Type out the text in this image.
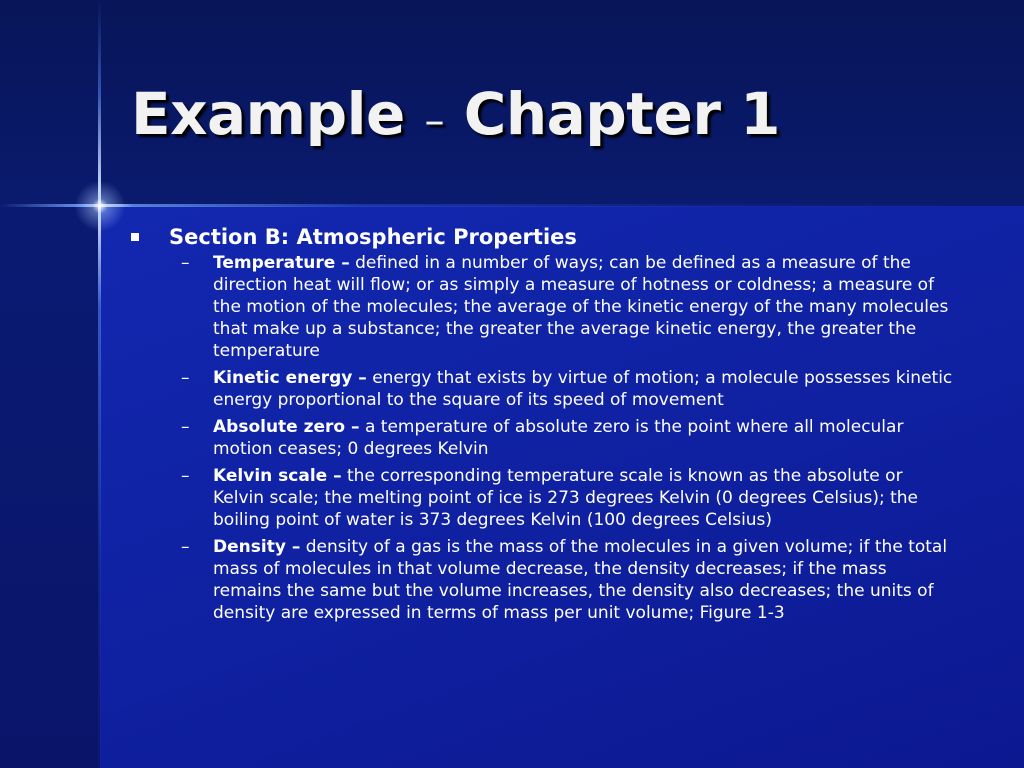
Example – Chapter 1
Section B: Atmospheric Properties
– Temperature – defined in a number of ways; can be defined as a measure of the direction heat will flow; or as simply a measure of hotness or coldness; a measure of the motion of the molecules; the average of the kinetic energy of the many molecules that make up a substance; the greater the average kinetic energy, the greater the temperature
– Kinetic energy – energy that exists by virtue of motion; a molecule possesses kinetic energy proportional to the square of its speed of movement
– Absolute zero – a temperature of absolute zero is the point where all molecular motion ceases; 0 degrees Kelvin
– Kelvin scale – the corresponding temperature scale is known as the absolute or Kelvin scale; the melting point of ice is 273 degrees Kelvin (0 degrees Celsius); the boiling point of water is 373 degrees Kelvin (100 degrees Celsius)
– Density – density of a gas is the mass of the molecules in a given volume; if the total mass of molecules in that volume decrease, the density decreases; if the mass remains the same but the volume increases, the density also decreases; the units of density are expressed in terms of mass per unit volume; Figure 1-3
